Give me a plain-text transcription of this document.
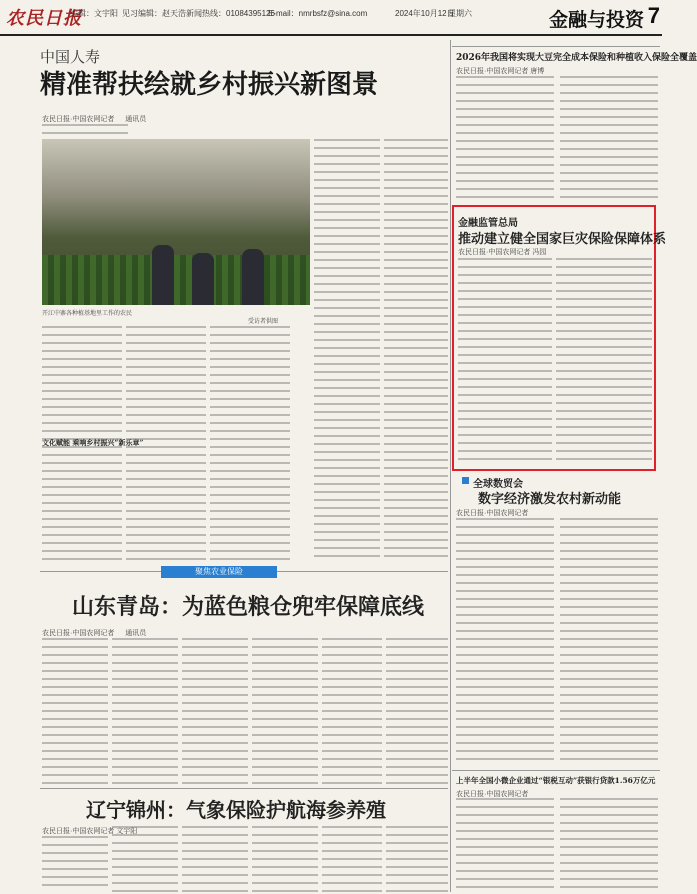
农民日报
编辑：文宇阳 见习编辑：赵天浩 新闻热线：01084395126
E-mail：nmrbsfz@sina.com	2024年10月12日
星期六	金融与投资 7
中国人寿
精准帮扶绘就乡村振兴新图景
农民日报·中国农网记者 　 通讯员
开江中寨各种植基地里工作的农民
受访者供图
文化赋能 乘响乡村振兴“新乐章”
2026年我国将实现大豆完全成本保险和种植收入保险全覆盖
农民日报·中国农网记者 唐博
金融监管总局
推动建立健全国家巨灾保险保障体系
农民日报·中国农网记者 冯园
全球数贸会
数字经济激发农村新动能
农民日报·中国农网记者
聚焦农业保险
山东青岛：为蓝色粮仓兜牢保障底线
农民日报·中国农网记者 　 通讯员
辽宁锦州：气象保险护航海参养殖
农民日报·中国农网记者 文宇阳
上半年全国小微企业通过“银税互动”获银行贷款1.56万亿元
农民日报·中国农网记者
